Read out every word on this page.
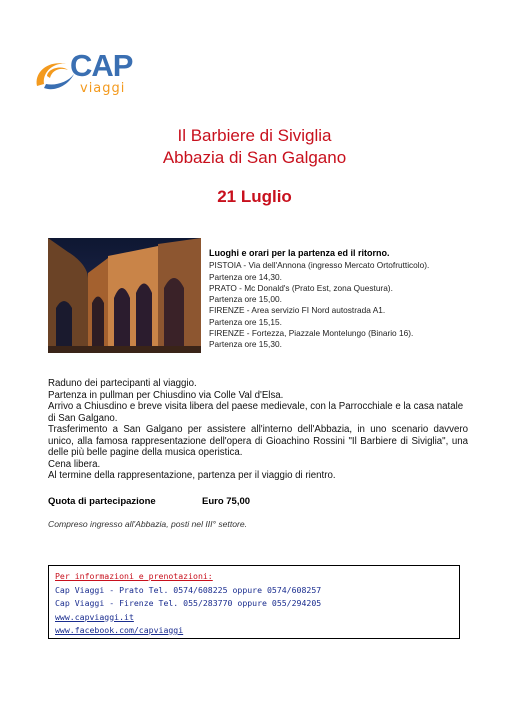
CAP
viaggi
Il Barbiere di Siviglia
Abbazia di San Galgano
21 Luglio
Luoghi e orari per la partenza ed il ritorno.
PISTOIA - Via dell'Annona (ingresso Mercato Ortofrutticolo).
Partenza ore 14,30.
PRATO - Mc Donald's (Prato Est, zona Questura).
Partenza ore 15,00.
FIRENZE - Area servizio FI Nord autostrada A1.
Partenza ore 15,15.
FIRENZE - Fortezza, Piazzale Montelungo (Binario 16).
Partenza ore 15,30.
Raduno dei partecipanti al viaggio.
Partenza in pullman per Chiusdino via Colle Val d'Elsa.
Arrivo a Chiusdino e breve visita libera del paese medievale, con la Parrocchiale e la casa natale di San Galgano.
Trasferimento a San Galgano per assistere all'interno dell'Abbazia, in uno scenario davvero unico, alla famosa rappresentazione dell'opera di Gioachino Rossini "Il Barbiere di Siviglia", una delle più belle pagine della musica operistica.
Cena libera.
Al termine della rappresentazione, partenza per il viaggio di rientro.
Quota di partecipazione	Euro 75,00
Compreso ingresso all'Abbazia, posti nel III° settore.
Per informazioni e prenotazioni:
Cap Viaggi - Prato Tel. 0574/608225 oppure 0574/608257
Cap Viaggi - Firenze Tel. 055/283770 oppure 055/294205
www.capviaggi.it
www.facebook.com/capviaggi
